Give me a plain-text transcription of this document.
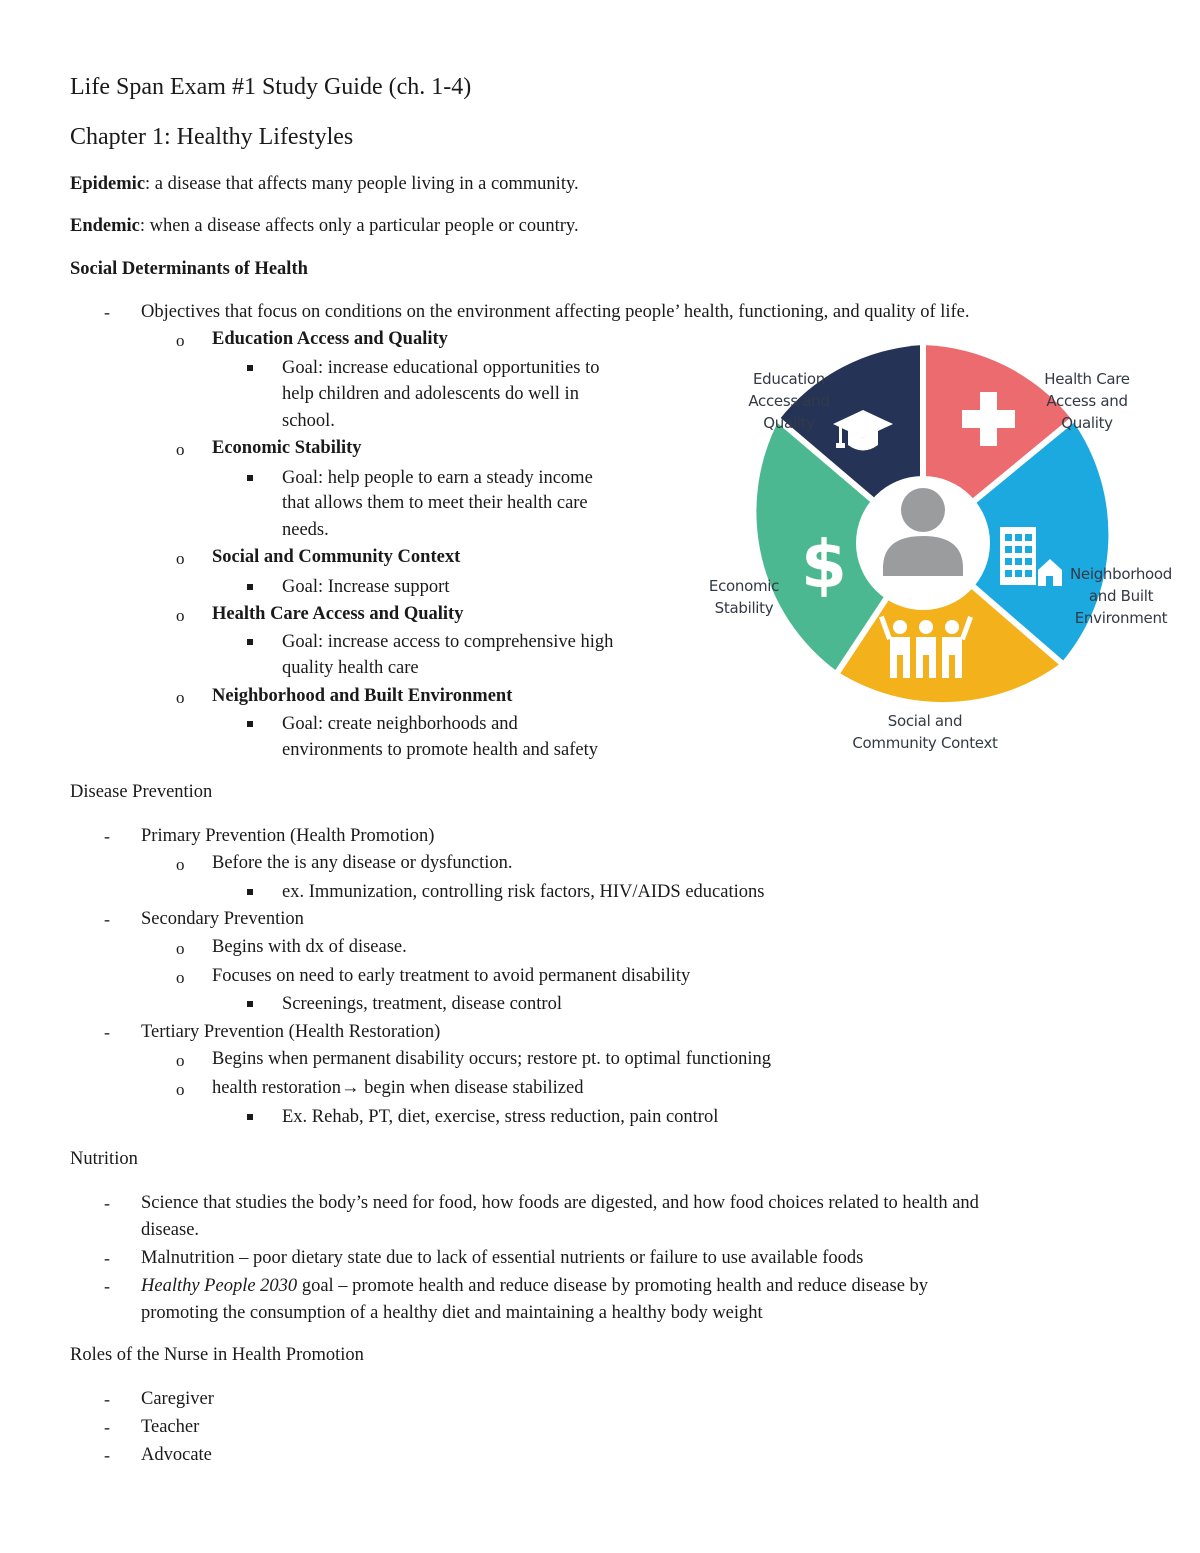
Life Span Exam #1 Study Guide (ch. 1-4)
Chapter 1: Healthy Lifestyles
Epidemic: a disease that affects many people living in a community.
Endemic: when a disease affects only a particular people or country.
Social Determinants of Health
- Objectives that focus on conditions on the environment affecting people’ health, functioning, and quality of life.
o Education Access and Quality
Goal: increase educational opportunities to
help children and adolescents do well in
school.
o Economic Stability
Goal: help people to earn a steady income
that allows them to meet their health care
needs.
o Social and Community Context
Goal: Increase support
o Health Care Access and Quality
Goal: increase access to comprehensive high
quality health care
o Neighborhood and Built Environment
Goal: create neighborhoods and
environments to promote health and safety
$
Education
Access and
Quality
Health Care
Access and
Quality
Neighborhood
and Built
Environment
Social and
Community Context
Economic
Stability
Disease Prevention
- Primary Prevention (Health Promotion)
o Before the is any disease or dysfunction.
ex. Immunization, controlling risk factors, HIV/AIDS educations
- Secondary Prevention
o Begins with dx of disease.
o Focuses on need to early treatment to avoid permanent disability
Screenings, treatment, disease control
- Tertiary Prevention (Health Restoration)
o Begins when permanent disability occurs; restore pt. to optimal functioning
o health restoration→ begin when disease stabilized
Ex. Rehab, PT, diet, exercise, stress reduction, pain control
Nutrition
- Science that studies the body’s need for food, how foods are digested, and how food choices related to health and
disease.
- Malnutrition – poor dietary state due to lack of essential nutrients or failure to use available foods
- Healthy People 2030 goal – promote health and reduce disease by promoting health and reduce disease by
promoting the consumption of a healthy diet and maintaining a healthy body weight
Roles of the Nurse in Health Promotion
- Caregiver
- Teacher
- Advocate
